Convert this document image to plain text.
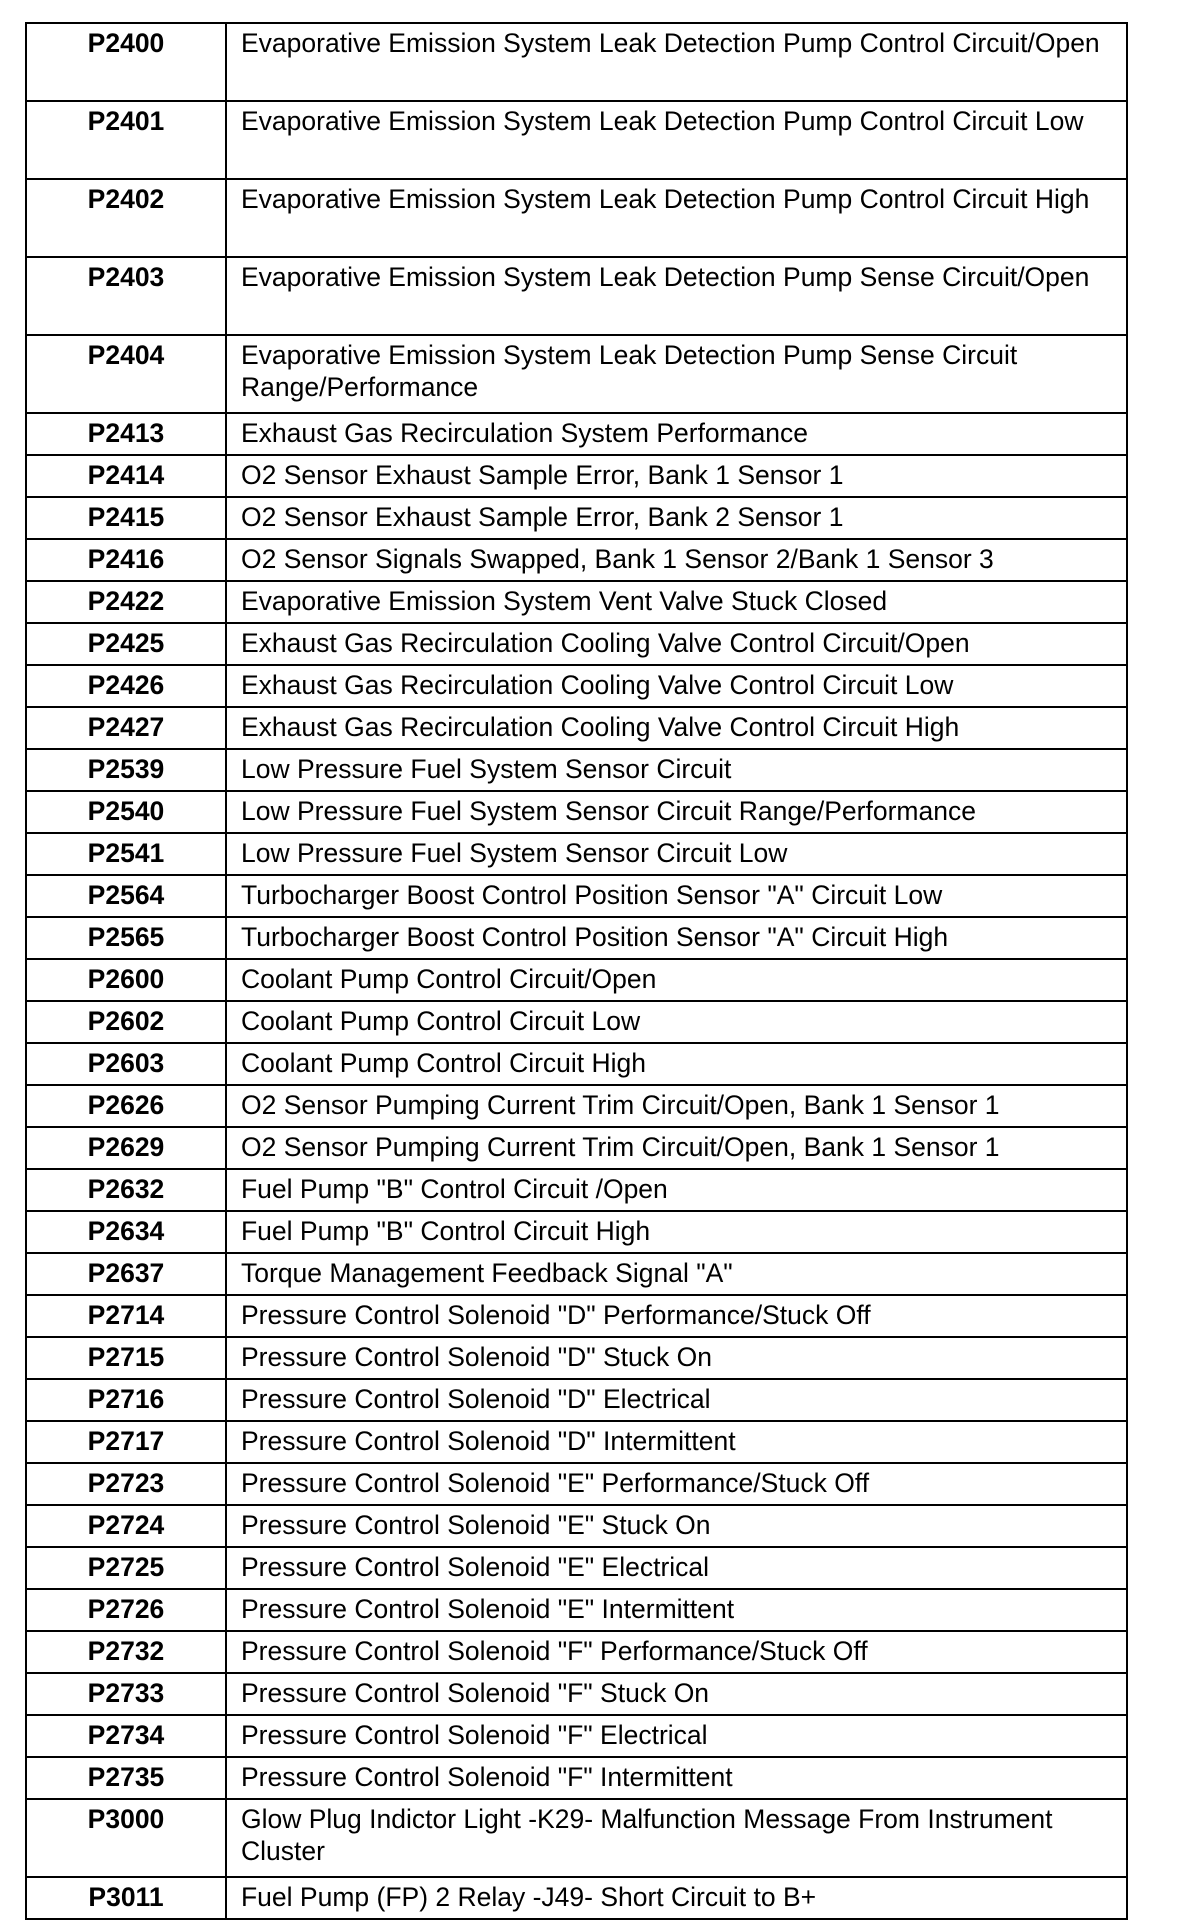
P2400	Evaporative Emission System Leak Detection Pump Control Circuit/Open
P2401	Evaporative Emission System Leak Detection Pump Control Circuit Low
P2402	Evaporative Emission System Leak Detection Pump Control Circuit High
P2403	Evaporative Emission System Leak Detection Pump Sense Circuit/Open
P2404	Evaporative Emission System Leak Detection Pump Sense Circuit Range/Performance
P2413	Exhaust Gas Recirculation System Performance
P2414	O2 Sensor Exhaust Sample Error, Bank 1 Sensor 1
P2415	O2 Sensor Exhaust Sample Error, Bank 2 Sensor 1
P2416	O2 Sensor Signals Swapped, Bank 1 Sensor 2/Bank 1 Sensor 3
P2422	Evaporative Emission System Vent Valve Stuck Closed
P2425	Exhaust Gas Recirculation Cooling Valve Control Circuit/Open
P2426	Exhaust Gas Recirculation Cooling Valve Control Circuit Low
P2427	Exhaust Gas Recirculation Cooling Valve Control Circuit High
P2539	Low Pressure Fuel System Sensor Circuit
P2540	Low Pressure Fuel System Sensor Circuit Range/Performance
P2541	Low Pressure Fuel System Sensor Circuit Low
P2564	Turbocharger Boost Control Position Sensor "A" Circuit Low
P2565	Turbocharger Boost Control Position Sensor "A" Circuit High
P2600	Coolant Pump Control Circuit/Open
P2602	Coolant Pump Control Circuit Low
P2603	Coolant Pump Control Circuit High
P2626	O2 Sensor Pumping Current Trim Circuit/Open, Bank 1 Sensor 1
P2629	O2 Sensor Pumping Current Trim Circuit/Open, Bank 1 Sensor 1
P2632	Fuel Pump "B" Control Circuit /Open
P2634	Fuel Pump "B" Control Circuit High
P2637	Torque Management Feedback Signal "A"
P2714	Pressure Control Solenoid "D" Performance/Stuck Off
P2715	Pressure Control Solenoid "D" Stuck On
P2716	Pressure Control Solenoid "D" Electrical
P2717	Pressure Control Solenoid "D" Intermittent
P2723	Pressure Control Solenoid "E" Performance/Stuck Off
P2724	Pressure Control Solenoid "E" Stuck On
P2725	Pressure Control Solenoid "E" Electrical
P2726	Pressure Control Solenoid "E" Intermittent
P2732	Pressure Control Solenoid "F" Performance/Stuck Off
P2733	Pressure Control Solenoid "F" Stuck On
P2734	Pressure Control Solenoid "F" Electrical
P2735	Pressure Control Solenoid "F" Intermittent
P3000	Glow Plug Indictor Light -K29- Malfunction Message From Instrument Cluster
P3011	Fuel Pump (FP) 2 Relay -J49- Short Circuit to B+
